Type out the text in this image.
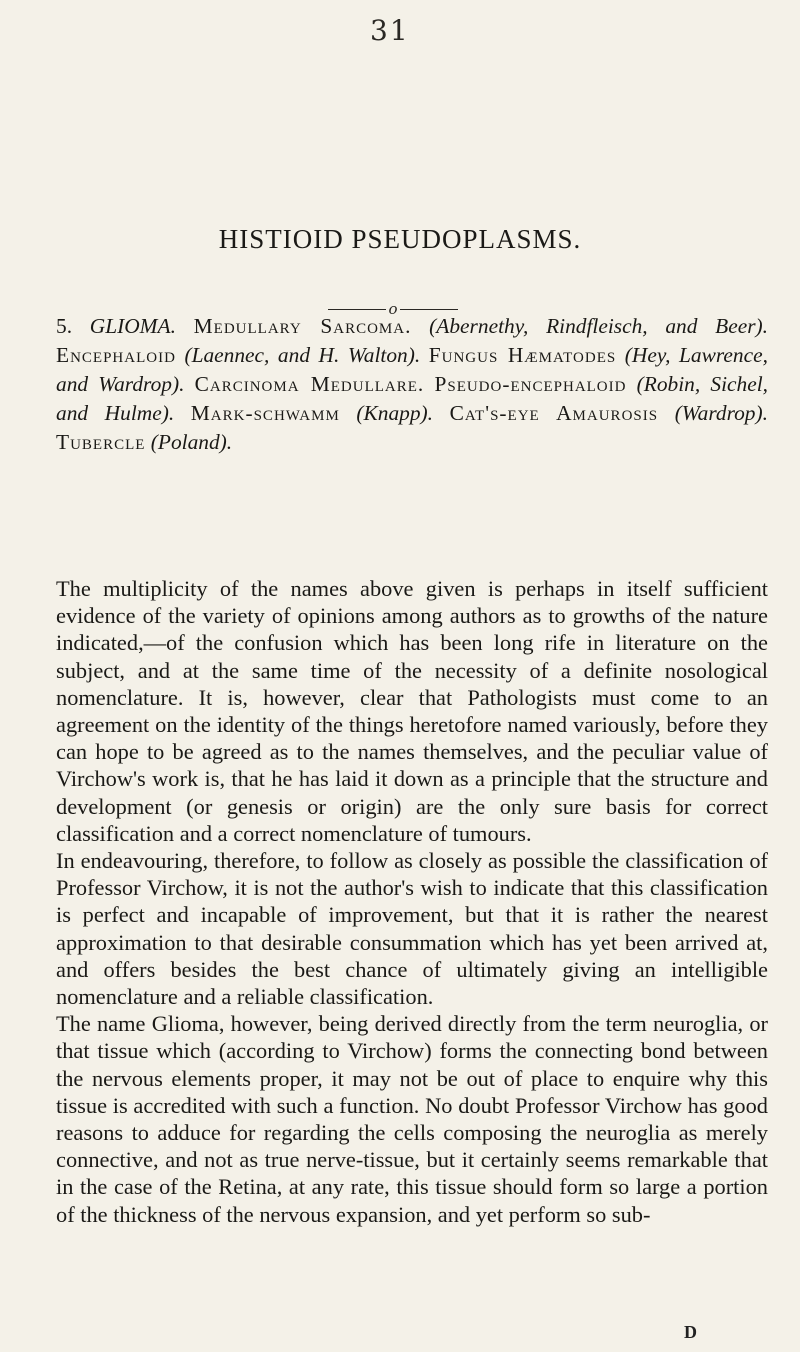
31
HISTIOID PSEUDOPLASMS.
o
5. GLIOMA. Medullary Sarcoma. (Abernethy, Rindfleisch, and Beer). Encephaloid (Laennec, and H. Walton). Fungus Hæmatodes (Hey, Lawrence, and Wardrop). Carcinoma Medullare. Pseudo-encephaloid (Robin, Sichel, and Hulme). Mark-schwamm (Knapp). Cat's-eye Amaurosis (Wardrop). Tubercle (Poland).

The multiplicity of the names above given is perhaps in itself sufficient evidence of the variety of opinions among authors as to growths of the nature indicated,—of the confusion which has been long rife in literature on the subject, and at the same time of the necessity of a definite nosological nomenclature. It is, however, clear that Pathologists must come to an agreement on the identity of the things heretofore named variously, before they can hope to be agreed as to the names themselves, and the peculiar value of Virchow's work is, that he has laid it down as a principle that the structure and development (or genesis or origin) are the only sure basis for correct classification and a correct nomenclature of tumours.

In endeavouring, therefore, to follow as closely as possible the classification of Professor Virchow, it is not the author's wish to indicate that this classification is perfect and incapable of improvement, but that it is rather the nearest approximation to that desirable consummation which has yet been arrived at, and offers besides the best chance of ultimately giving an intelligible nomenclature and a reliable classification.

The name Glioma, however, being derived directly from the term neuroglia, or that tissue which (according to Virchow) forms the connecting bond between the nervous elements proper, it may not be out of place to enquire why this tissue is accredited with such a function. No doubt Professor Virchow has good reasons to adduce for regarding the cells composing the neuroglia as merely connective, and not as true nerve-tissue, but it certainly seems remarkable that in the case of the Retina, at any rate, this tissue should form so large a portion of the thickness of the nervous expansion, and yet perform so sub-

D
